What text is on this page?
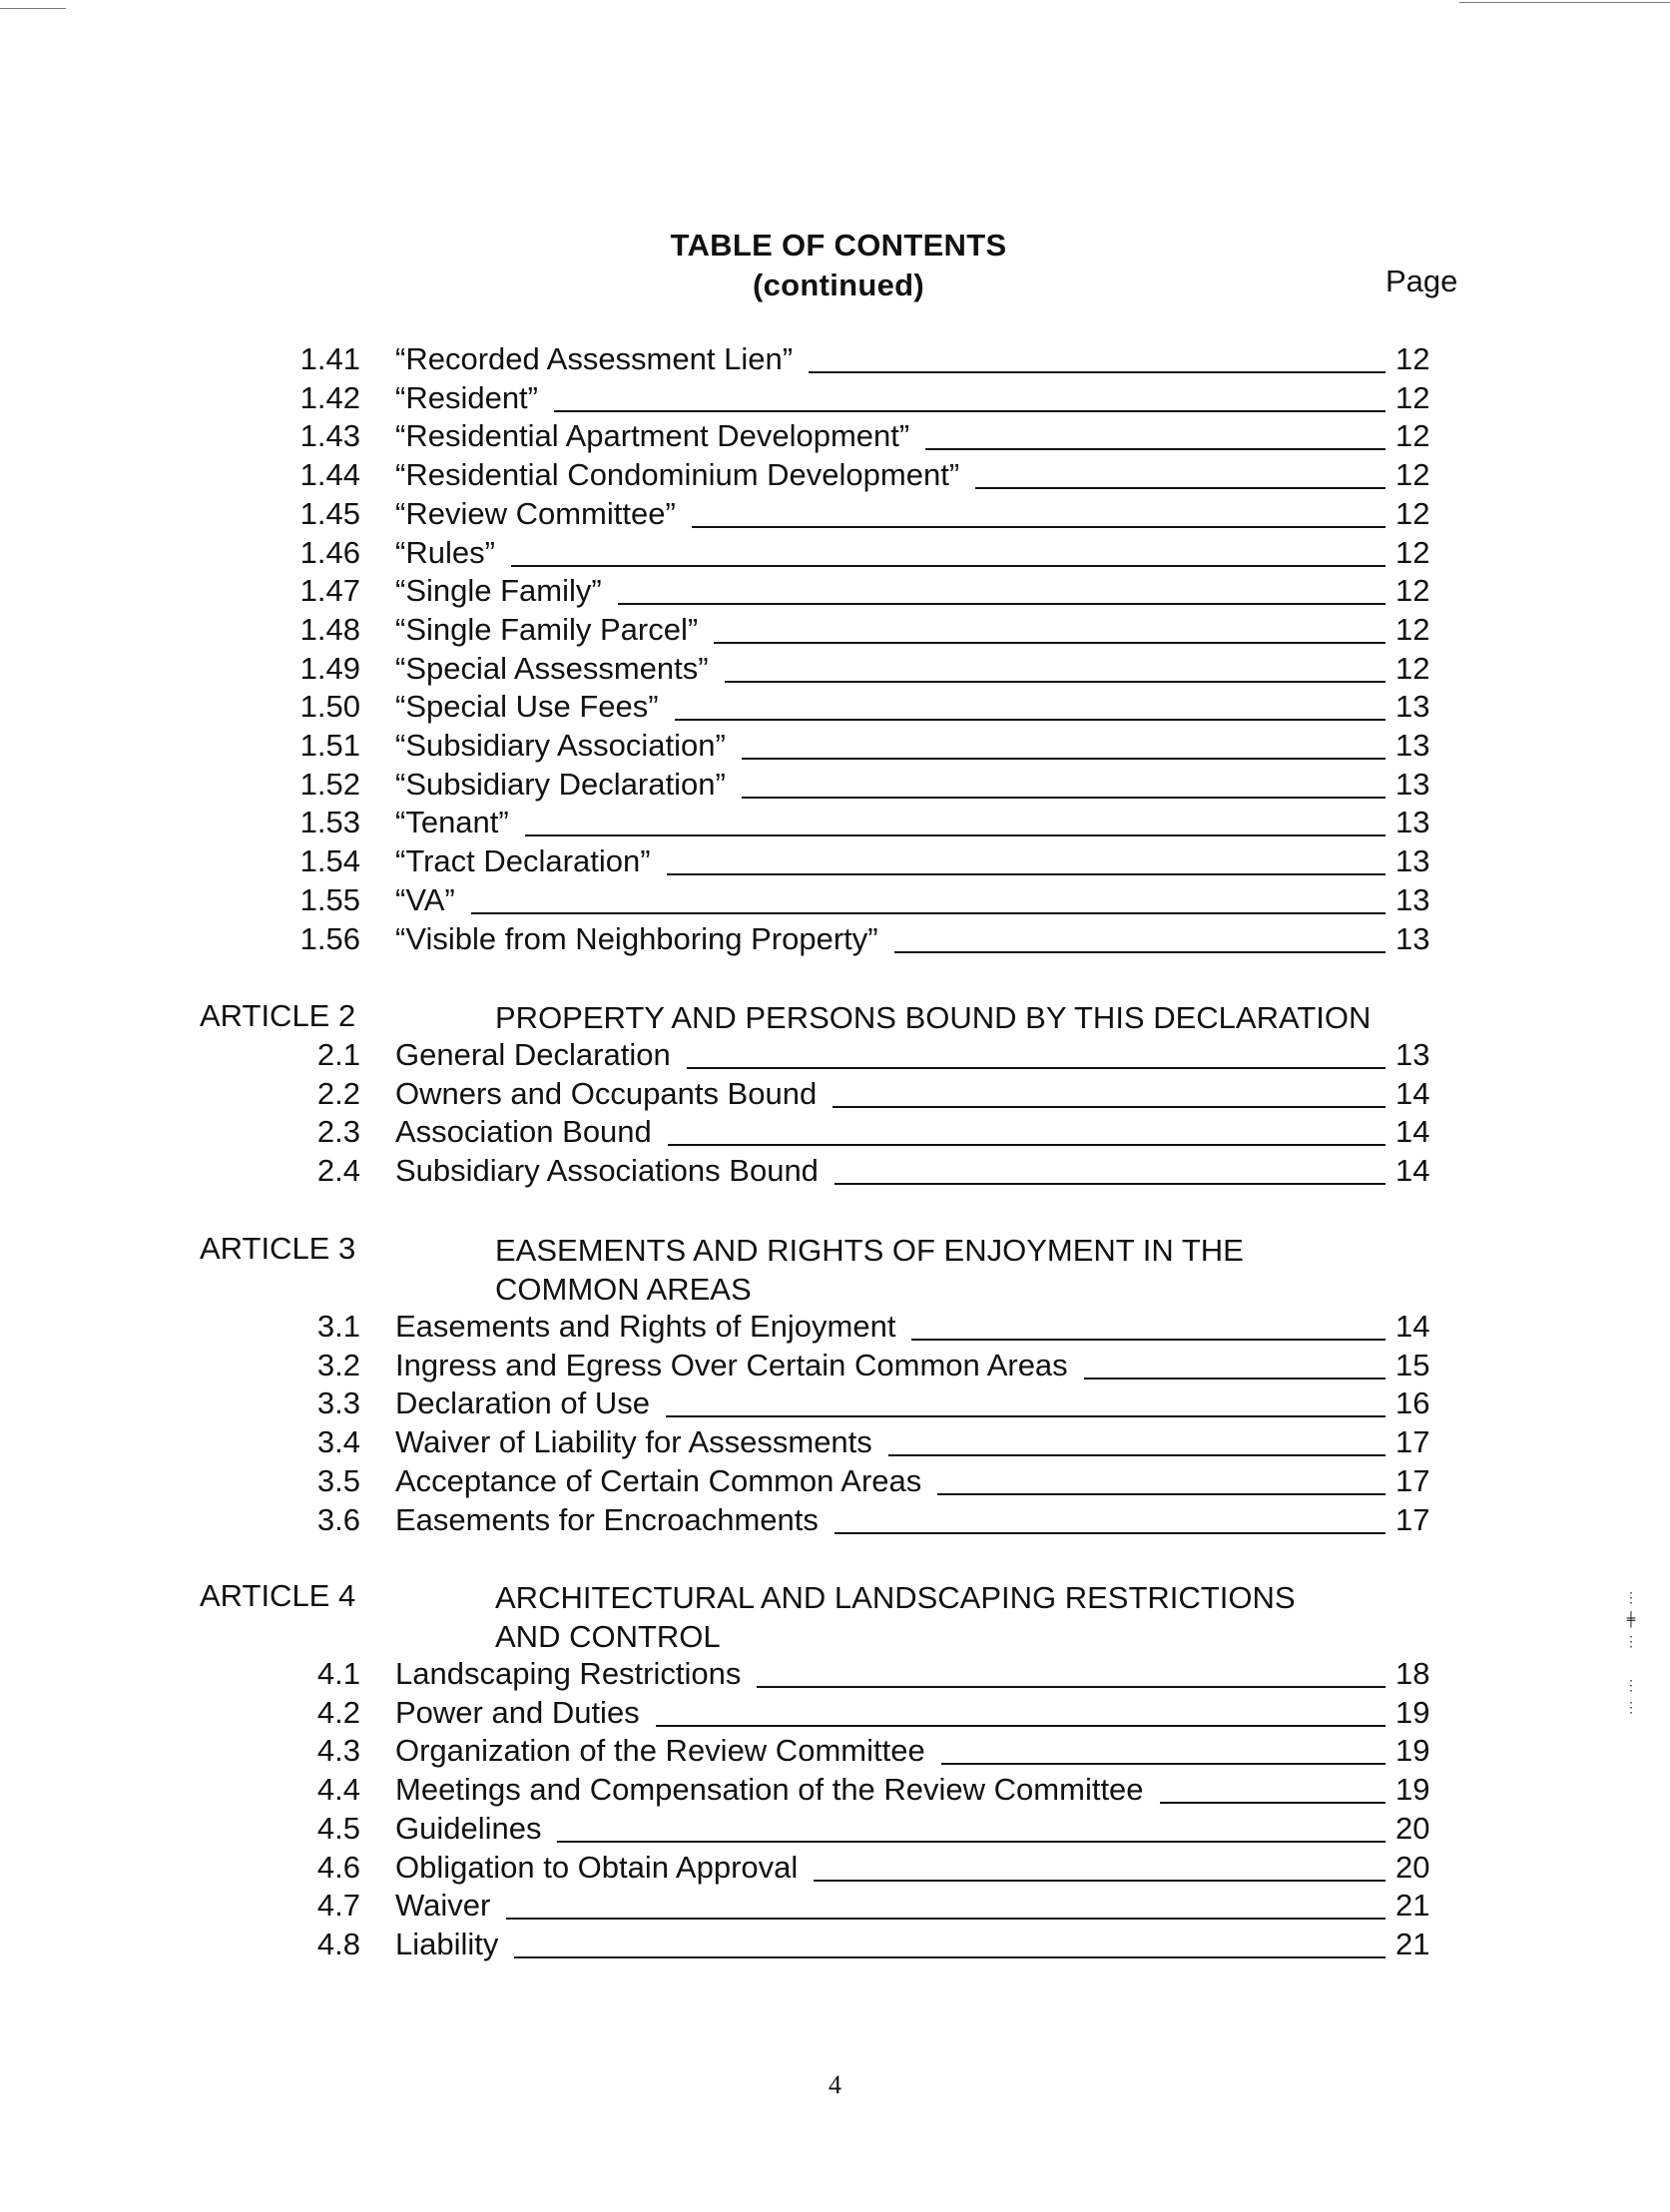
TABLE OF CONTENTS
(continued)	Page
1.41 “Recorded Assessment Lien”	12
1.42 “Resident”	12
1.43 “Residential Apartment Development”	12
1.44 “Residential Condominium Development”	12
1.45 “Review Committee”	12
1.46 “Rules”	12
1.47 “Single Family”	12
1.48 “Single Family Parcel”	12
1.49 “Special Assessments”	12
1.50 “Special Use Fees”	13
1.51 “Subsidiary Association”	13
1.52 “Subsidiary Declaration”	13
1.53 “Tenant”	13
1.54 “Tract Declaration”	13
1.55 “VA”	13
1.56 “Visible from Neighboring Property”	13
ARTICLE 2	PROPERTY AND PERSONS BOUND BY THIS DECLARATION
2.1 General Declaration	13
2.2 Owners and Occupants Bound	14
2.3 Association Bound	14
2.4 Subsidiary Associations Bound	14
ARTICLE 3	EASEMENTS AND RIGHTS OF ENJOYMENT IN THE
COMMON AREAS
3.1 Easements and Rights of Enjoyment	14
3.2 Ingress and Egress Over Certain Common Areas	15
3.3 Declaration of Use	16
3.4 Waiver of Liability for Assessments	17
3.5 Acceptance of Certain Common Areas	17
3.6 Easements for Encroachments	17
ARTICLE 4	ARCHITECTURAL AND LANDSCAPING RESTRICTIONS
AND CONTROL
4.1 Landscaping Restrictions	18
4.2 Power and Duties	19
4.3 Organization of the Review Committee	19
4.4 Meetings and Compensation of the Review Committee	19
4.5 Guidelines	20
4.6 Obligation to Obtain Approval	20
4.7 Waiver	21
4.8 Liability	21
4
⋮
╪
⋮

⋮
⋮
